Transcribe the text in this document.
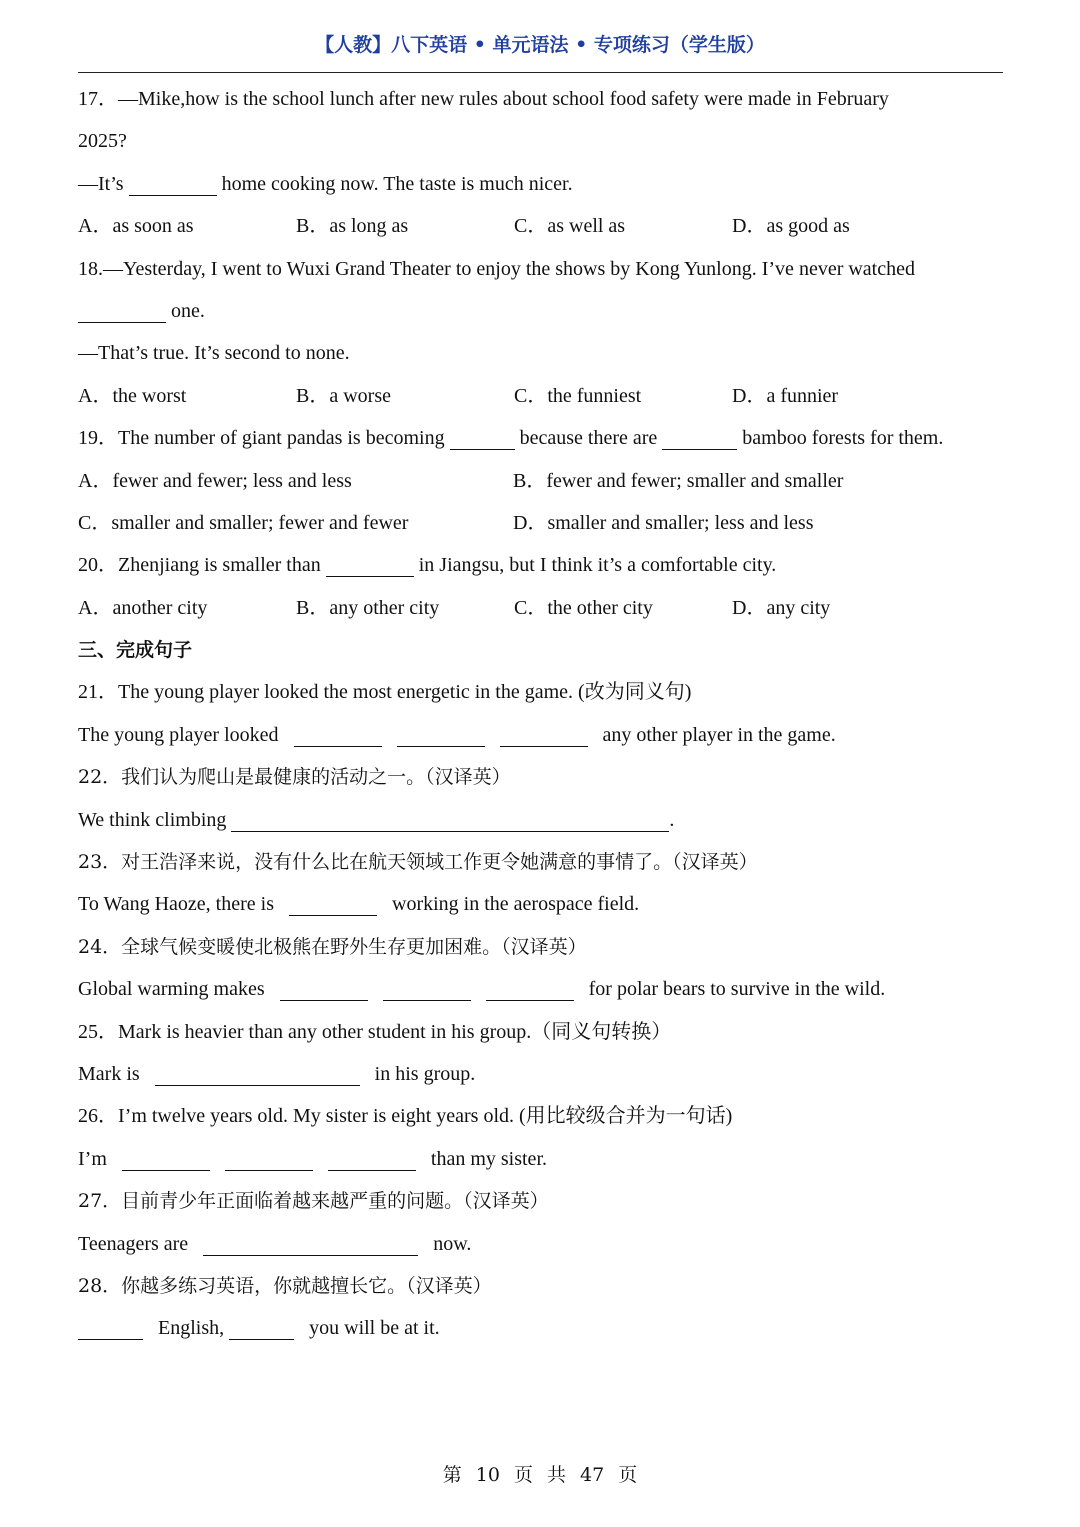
【人教】八下英语 • 单元语法 • 专项练习（学生版）
17．—Mike,how is the school lunch after new rules about school food safety were made in February
2025?
—It’s	home cooking now. The taste is much nicer.
A．as soon as	B．as long as	C．as well as	D．as good as
18.—Yesterday, I went to Wuxi Grand Theater to enjoy the shows by Kong Yunlong. I’ve never watched
one.
—That’s true. It’s second to none.
A．the worst	B．a worse	C．the funniest	D．a funnier
19．The number of giant pandas is becoming	because there are	bamboo forests for them.
A．fewer and fewer; less and less	B．fewer and fewer; smaller and smaller
C．smaller and smaller; fewer and fewer	D．smaller and smaller; less and less
20．Zhenjiang is smaller than	in Jiangsu, but I think it’s a comfortable city.
A．another city	B．any other city	C．the other city	D．any city
三、完成句子
21．The young player looked the most energetic in the game. (改为同义句)
The young player looked	any other player in the game.
22．我们认为爬山是最健康的活动之一。（汉译英）
We think climbing	.
23．对王浩泽来说，没有什么比在航天领域工作更令她满意的事情了。（汉译英）
To Wang Haoze, there is	working in the aerospace field.
24．全球气候变暖使北极熊在野外生存更加困难。（汉译英）
Global warming makes	for polar bears to survive in the wild.
25．Mark is heavier than any other student in his group.（同义句转换）
Mark is	in his group.
26．I’m twelve years old. My sister is eight years old. (用比较级合并为一句话)
I’m	than my sister.
27．目前青少年正面临着越来越严重的问题。（汉译英）
Teenagers are	now.
28．你越多练习英语，你就越擅长它。（汉译英）
English,	you will be at it.
第 10 页 共 47 页
